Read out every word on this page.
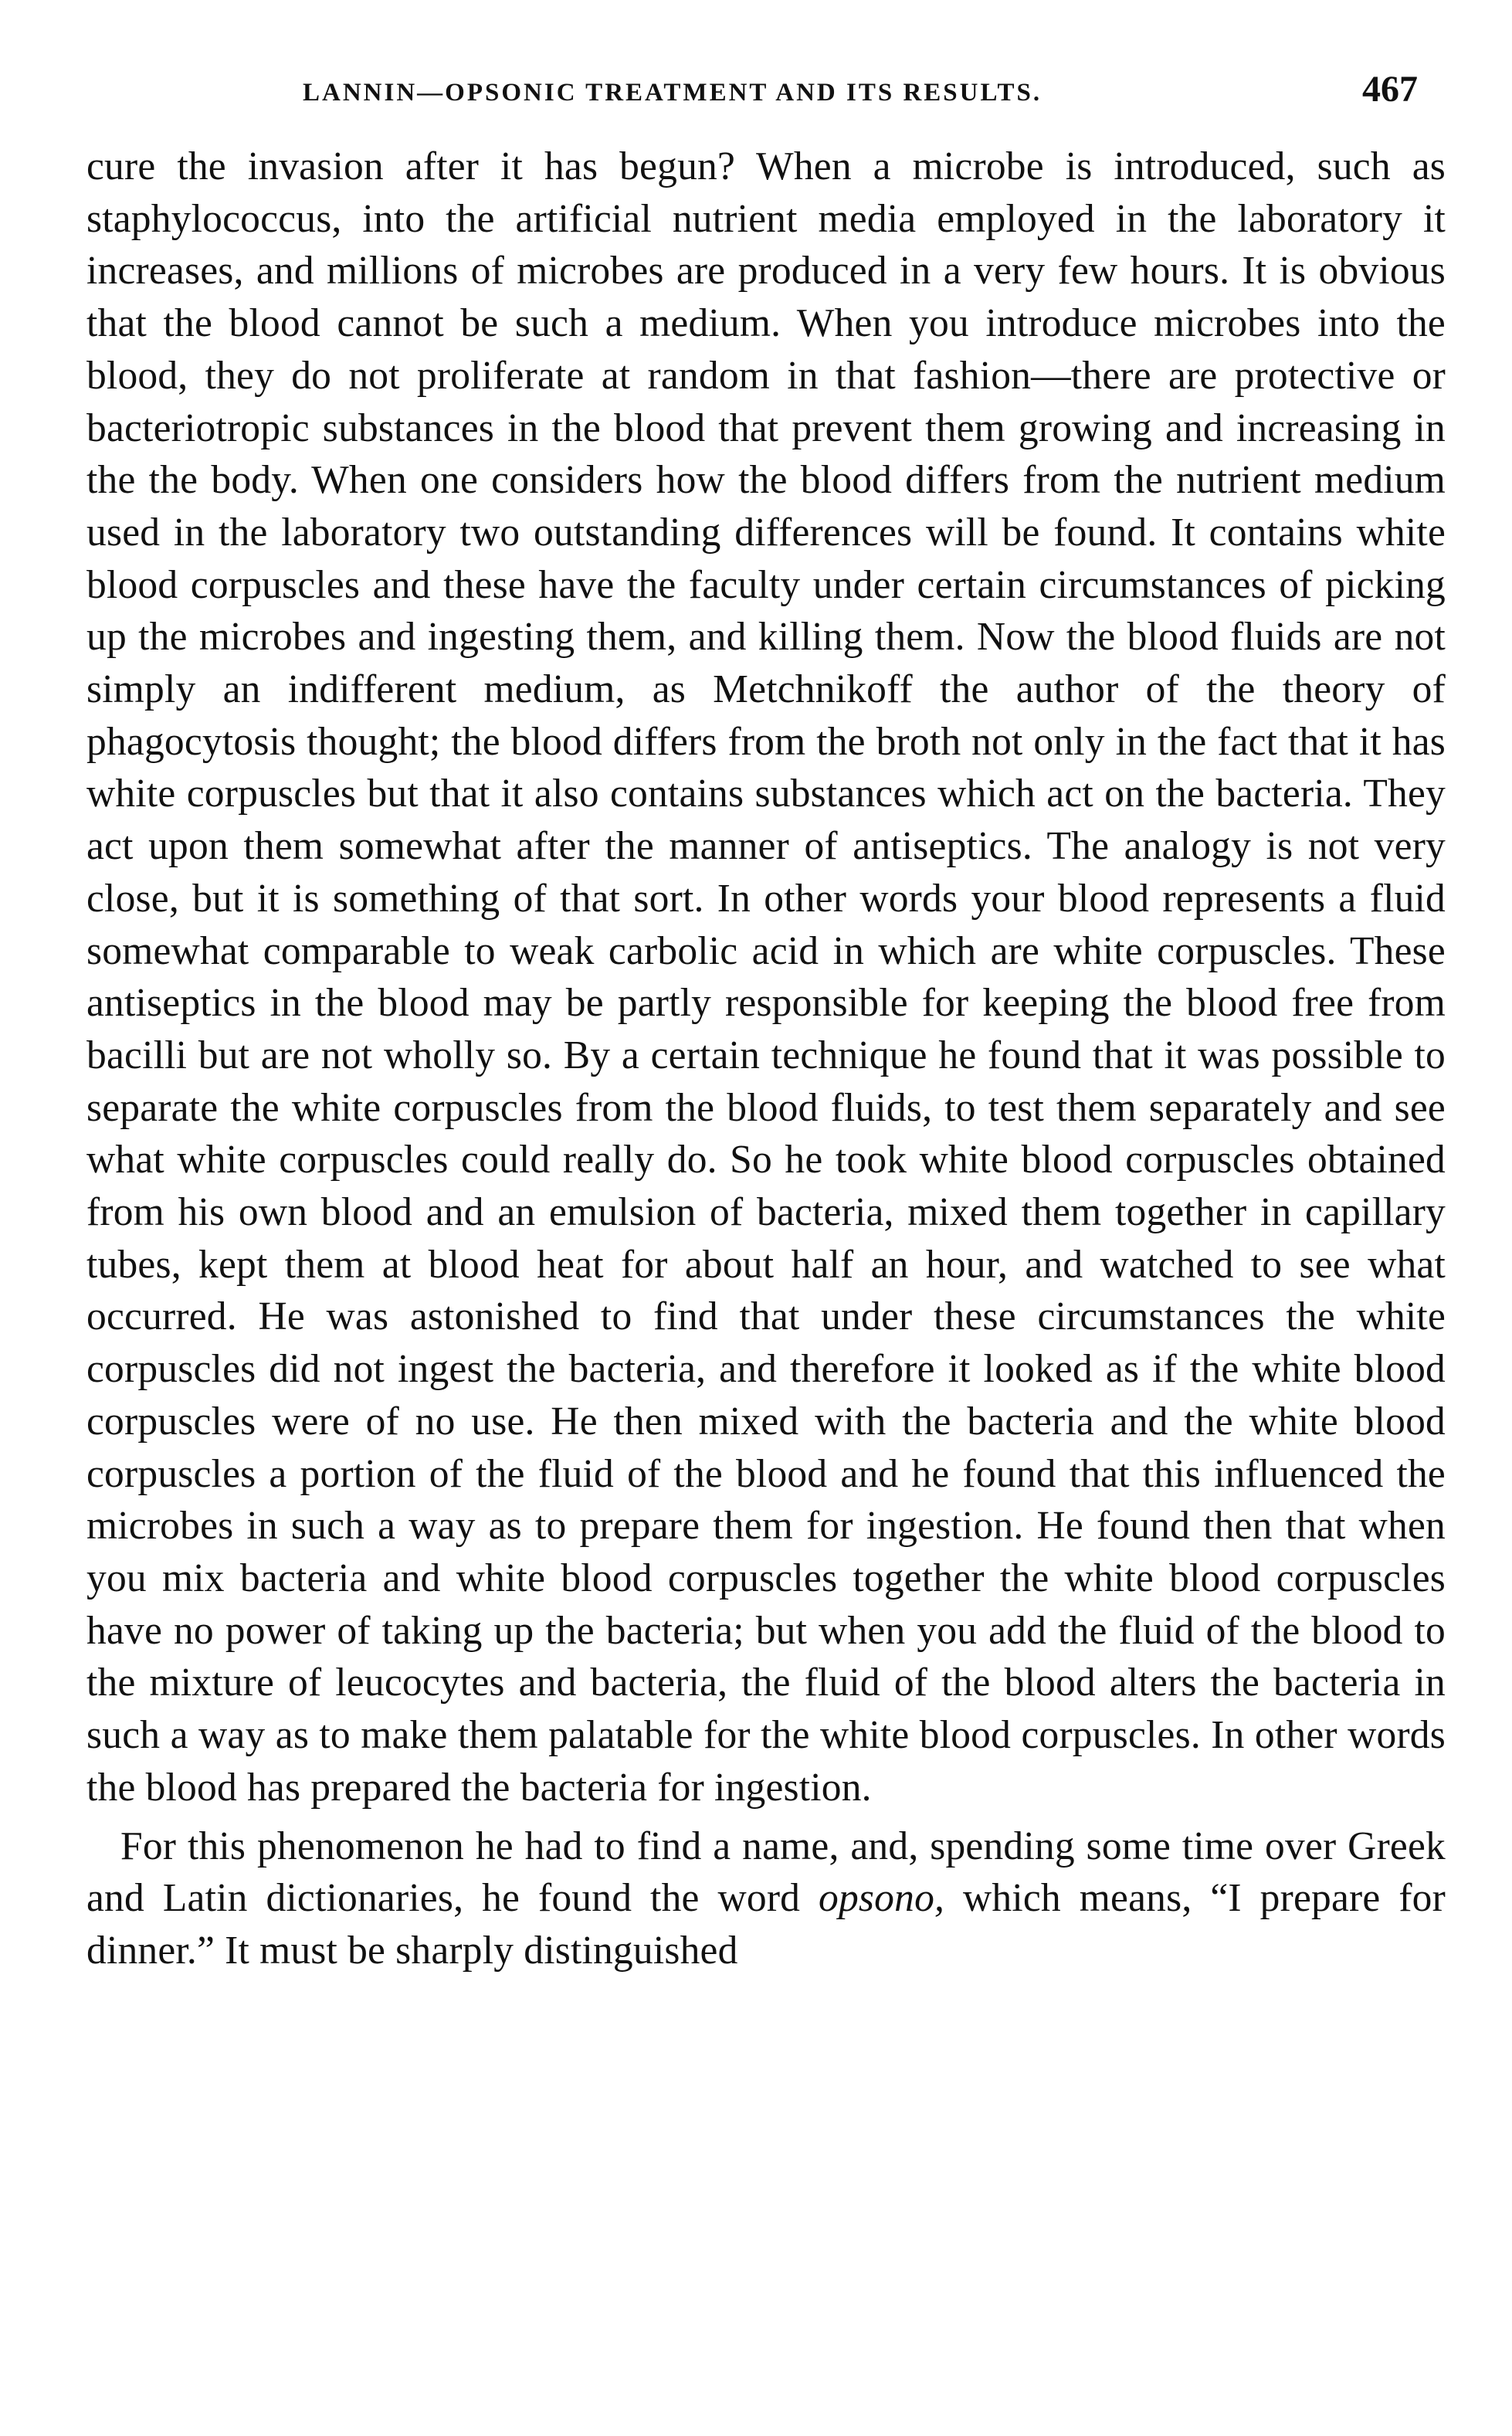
LANNIN—OPSONIC TREATMENT AND ITS RESULTS.	467

cure the invasion after it has begun? When a microbe is introduced, such as staphylococcus, into the artificial nutrient media employed in the laboratory it increases, and millions of microbes are produced in a very few hours. It is obvious that the blood cannot be such a medium. When you introduce microbes into the blood, they do not proliferate at random in that fashion—there are protective or bacteriotropic substances in the blood that prevent them growing and increasing in the the body. When one considers how the blood differs from the nutrient medium used in the laboratory two outstanding differences will be found. It contains white blood corpuscles and these have the faculty under certain circumstances of picking up the microbes and ingesting them, and killing them. Now the blood fluids are not simply an indifferent medium, as Metchnikoff the author of the theory of phagocytosis thought; the blood differs from the broth not only in the fact that it has white corpuscles but that it also contains substances which act on the bacteria. They act upon them somewhat after the manner of antiseptics. The analogy is not very close, but it is something of that sort. In other words your blood represents a fluid somewhat comparable to weak carbolic acid in which are white corpuscles. These antiseptics in the blood may be partly responsible for keeping the blood free from bacilli but are not wholly so. By a certain technique he found that it was possible to separate the white corpuscles from the blood fluids, to test them separately and see what white corpuscles could really do. So he took white blood corpuscles obtained from his own blood and an emulsion of bacteria, mixed them together in capillary tubes, kept them at blood heat for about half an hour, and watched to see what occurred. He was astonished to find that under these circumstances the white corpuscles did not ingest the bacteria, and therefore it looked as if the white blood corpuscles were of no use. He then mixed with the bacteria and the white blood corpuscles a portion of the fluid of the blood and he found that this influenced the microbes in such a way as to prepare them for ingestion. He found then that when you mix bacteria and white blood corpuscles together the white blood corpuscles have no power of taking up the bacteria; but when you add the fluid of the blood to the mixture of leucocytes and bacteria, the fluid of the blood alters the bacteria in such a way as to make them palatable for the white blood corpuscles. In other words the blood has prepared the bacteria for ingestion.

For this phenomenon he had to find a name, and, spending some time over Greek and Latin dictionaries, he found the word opsono, which means, “I prepare for dinner.” It must be sharply distinguished
